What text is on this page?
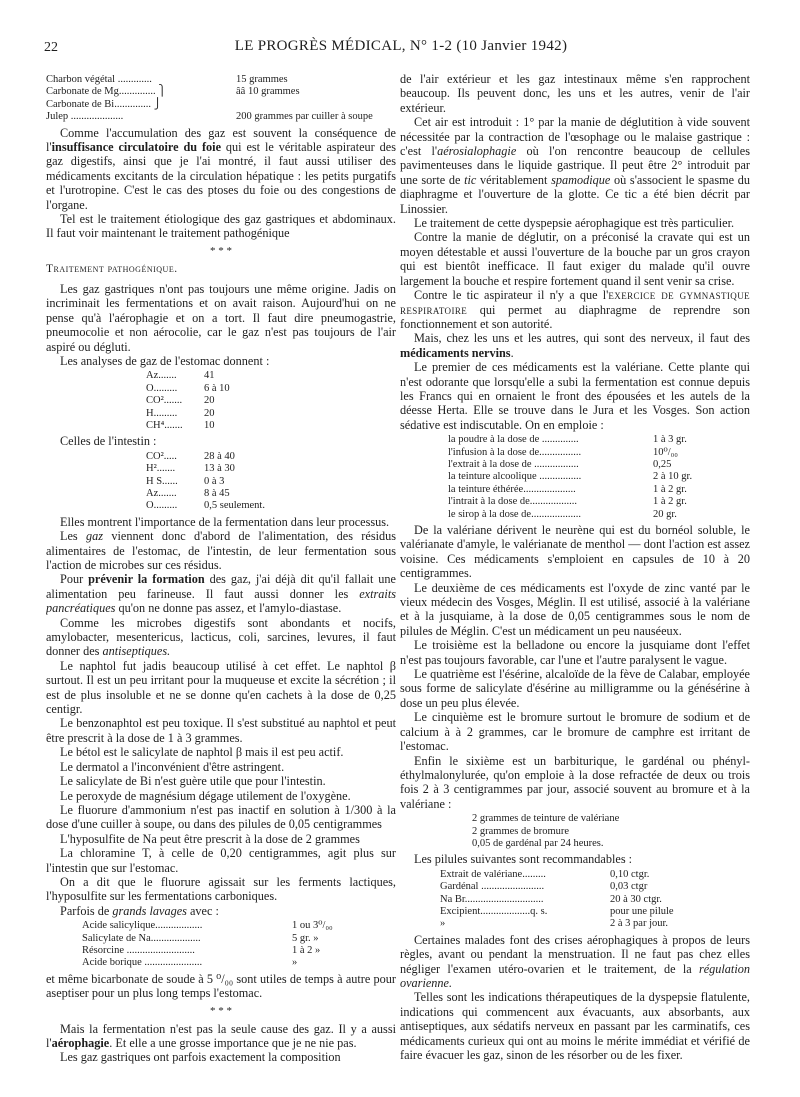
22	LE PROGRÈS MÉDICAL, N° 1-2 (10 Janvier 1942)
Charbon végétal .............	15 grammes
Carbonate de Mg.............. ⎫	ââ 10 grammes
Carbonate de Bi.............. ⎭
Julep ....................	200 grammes par cuiller à soupe

Comme l'accumulation des gaz est souvent la conséquence de l'insuffisance circulatoire du foie qui est le véritable aspirateur des gaz digestifs, ainsi que je l'ai montré, il faut aussi utiliser des médicaments excitants de la circulation hépatique : les petits purgatifs et l'urotropine. C'est le cas des ptoses du foie ou des congestions de l'organe.

Tel est le traitement étiologique des gaz gastriques et abdominaux. Il faut voir maintenant le traitement pathogénique

* * *
Traitement pathogénique.

Les gaz gastriques n'ont pas toujours une même origine. Jadis on incriminait les fermentations et on avait raison. Aujourd'hui on ne pense qu'à l'aérophagie et on a tort. Il faut dire pneumogastrie, pneumocolie et non aérocolie, car le gaz n'est pas toujours de l'air aspiré ou dégluti.

Les analyses de gaz de l'estomac donnent :

Az.......	41
O.........	6 à 10
CO².......	20
H.........	20
CH⁴.......	10

Celles de l'intestin :

CO².....	28 à 40
H².......	13 à 30
H S......	0 à 3
Az.......	8 à 45
O.........	0,5 seulement.

Elles montrent l'importance de la fermentation dans leur processus.

Les gaz viennent donc d'abord de l'alimentation, des résidus alimentaires de l'estomac, de l'intestin, de leur fermentation sous l'action de microbes sur ces résidus.

Pour prévenir la formation des gaz, j'ai déjà dit qu'il fallait une alimentation peu farineuse. Il faut aussi donner les extraits pancréatiques qu'on ne donne pas assez, et l'amylo-diastase.

Comme les microbes digestifs sont abondants et nocifs, amylobacter, mesentericus, lacticus, coli, sarcines, levures, il faut donner des antiseptiques.

Le naphtol fut jadis beaucoup utilisé à cet effet. Le naphtol β surtout. Il est un peu irritant pour la muqueuse et excite la sécrétion ; il est de plus insoluble et ne se donne qu'en cachets à la dose de 0,25 centigr.

Le benzonaphtol est peu toxique. Il s'est substitué au naphtol et peut être prescrit à la dose de 1 à 3 grammes.

Le bétol est le salicylate de naphtol β mais il est peu actif.

Le dermatol a l'inconvénient d'être astringent.

Le salicylate de Bi n'est guère utile que pour l'intestin.

Le peroxyde de magnésium dégage utilement de l'oxygène.

Le fluorure d'ammonium n'est pas inactif en solution à 1/300 à la dose d'une cuiller à soupe, ou dans des pilules de 0,05 centigrammes

L'hyposulfite de Na peut être prescrit à la dose de 2 grammes

La chloramine T, à celle de 0,20 centigrammes, agit plus sur l'intestin que sur l'estomac.

On a dit que le fluorure agissait sur les ferments lactiques, l'hyposulfite sur les fermentations carboniques.

Parfois de grands lavages avec :

Acide salicylique..................	1 ou 3⁰/₀₀
Salicylate de Na...................	5 gr. »
Résorcine ..........................	1 à 2 »
Acide borique ......................	»

et même bicarbonate de soude à 5 ⁰/₀₀ sont utiles de temps à autre pour aseptiser pour un plus long temps l'estomac.

* * *

Mais la fermentation n'est pas la seule cause des gaz. Il y a aussi l'aérophagie. Et elle a une grosse importance que je ne nie pas.

Les gaz gastriques ont parfois exactement la composition

de l'air extérieur et les gaz intestinaux même s'en rapprochent beaucoup. Ils peuvent donc, les uns et les autres, venir de l'air extérieur.

Cet air est introduit : 1° par la manie de déglutition à vide souvent nécessitée par la contraction de l'œsophage ou le malaise gastrique : c'est l'aérosialophagie où l'on rencontre beaucoup de cellules pavimenteuses dans le liquide gastrique. Il peut être 2° introduit par une sorte de tic véritablement spamodique où s'associent le spasme du diaphragme et l'ouverture de la glotte. Ce tic a été bien décrit par Linossier.

Le traitement de cette dyspepsie aérophagique est très particulier.

Contre la manie de déglutir, on a préconisé la cravate qui est un moyen détestable et aussi l'ouverture de la bouche par un gros crayon qui est bientôt inefficace. Il faut exiger du malade qu'il ouvre largement la bouche et respire fortement quand il sent venir sa crise.

Contre le tic aspirateur il n'y a que l'exercice de gymnastique respiratoire qui permet au diaphragme de reprendre son fonctionnement et son autorité.

Mais, chez les uns et les autres, qui sont des nerveux, il faut des médicaments nervins.

Le premier de ces médicaments est la valériane. Cette plante qui n'est odorante que lorsqu'elle a subi la fermentation est connue depuis les Francs qui en ornaient le front des épousées et les autels de la déesse Herta. Elle se trouve dans le Jura et les Vosges. Son action sédative est indiscutable. On en emploie :

la poudre à la dose de ..............	1 à 3 gr.
l'infusion à la dose de................	10⁰/₀₀
l'extrait à la dose de .................	0,25
la teinture alcoolique ................	2 à 10 gr.
la teinture éthérée....................	1 à 2 gr.
l'intrait à la dose de..................	1 à 2 gr.
le sirop à la dose de...................	20 gr.

De la valériane dérivent le neurène qui est du bornéol soluble, le valérianate d'amyle, le valérianate de menthol — dont l'action est assez voisine. Ces médicaments s'emploient en capsules de 10 à 20 centigrammes.

Le deuxième de ces médicaments est l'oxyde de zinc vanté par le vieux médecin des Vosges, Méglin. Il est utilisé, associé à la valériane et à la jusquiame, à la dose de 0,05 centigrammes sous le nom de pilules de Méglin. C'est un médicament un peu nauséeux.

Le troisième est la belladone ou encore la jusquiame dont l'effet n'est pas toujours favorable, car l'une et l'autre paralysent le vague.

Le quatrième est l'ésérine, alcaloïde de la fève de Calabar, employée sous forme de salicylate d'ésérine au milligramme ou la génésérine à dose un peu plus élevée.

Le cinquième est le bromure surtout le bromure de sodium et de calcium à à 2 grammes, car le bromure de camphre est irritant de l'estomac.

Enfin le sixième est un barbiturique, le gardénal ou phényl-éthylmalonylurée, qu'on emploie à la dose refractée de deux ou trois fois 2 à 3 centigrammes par jour, associé souvent au bromure et à la valériane :

2 grammes de teinture de valériane
2 grammes de bromure
0,05 de gardénal par 24 heures.

Les pilules suivantes sont recommandables :

Extrait de valériane.........	0,10 ctgr.
Gardénal ........................	0,03 ctgr
Na Br..............................	20 à 30 ctgr.
Excipient...................q. s.	pour une pilule
»	2 à 3 par jour.

Certaines malades font des crises aérophagiques à propos de leurs règles, avant ou pendant la menstruation. Il ne faut pas chez elles négliger l'examen utéro-ovarien et le traitement, de la régulation ovarienne.

Telles sont les indications thérapeutiques de la dyspepsie flatulente, indications qui commencent aux évacuants, aux absorbants, aux antiseptiques, aux sédatifs nerveux en passant par les carminatifs, ces médicaments curieux qui ont au moins le mérite immédiat et vérifié de faire évacuer les gaz, sinon de les résorber ou de les fixer.
